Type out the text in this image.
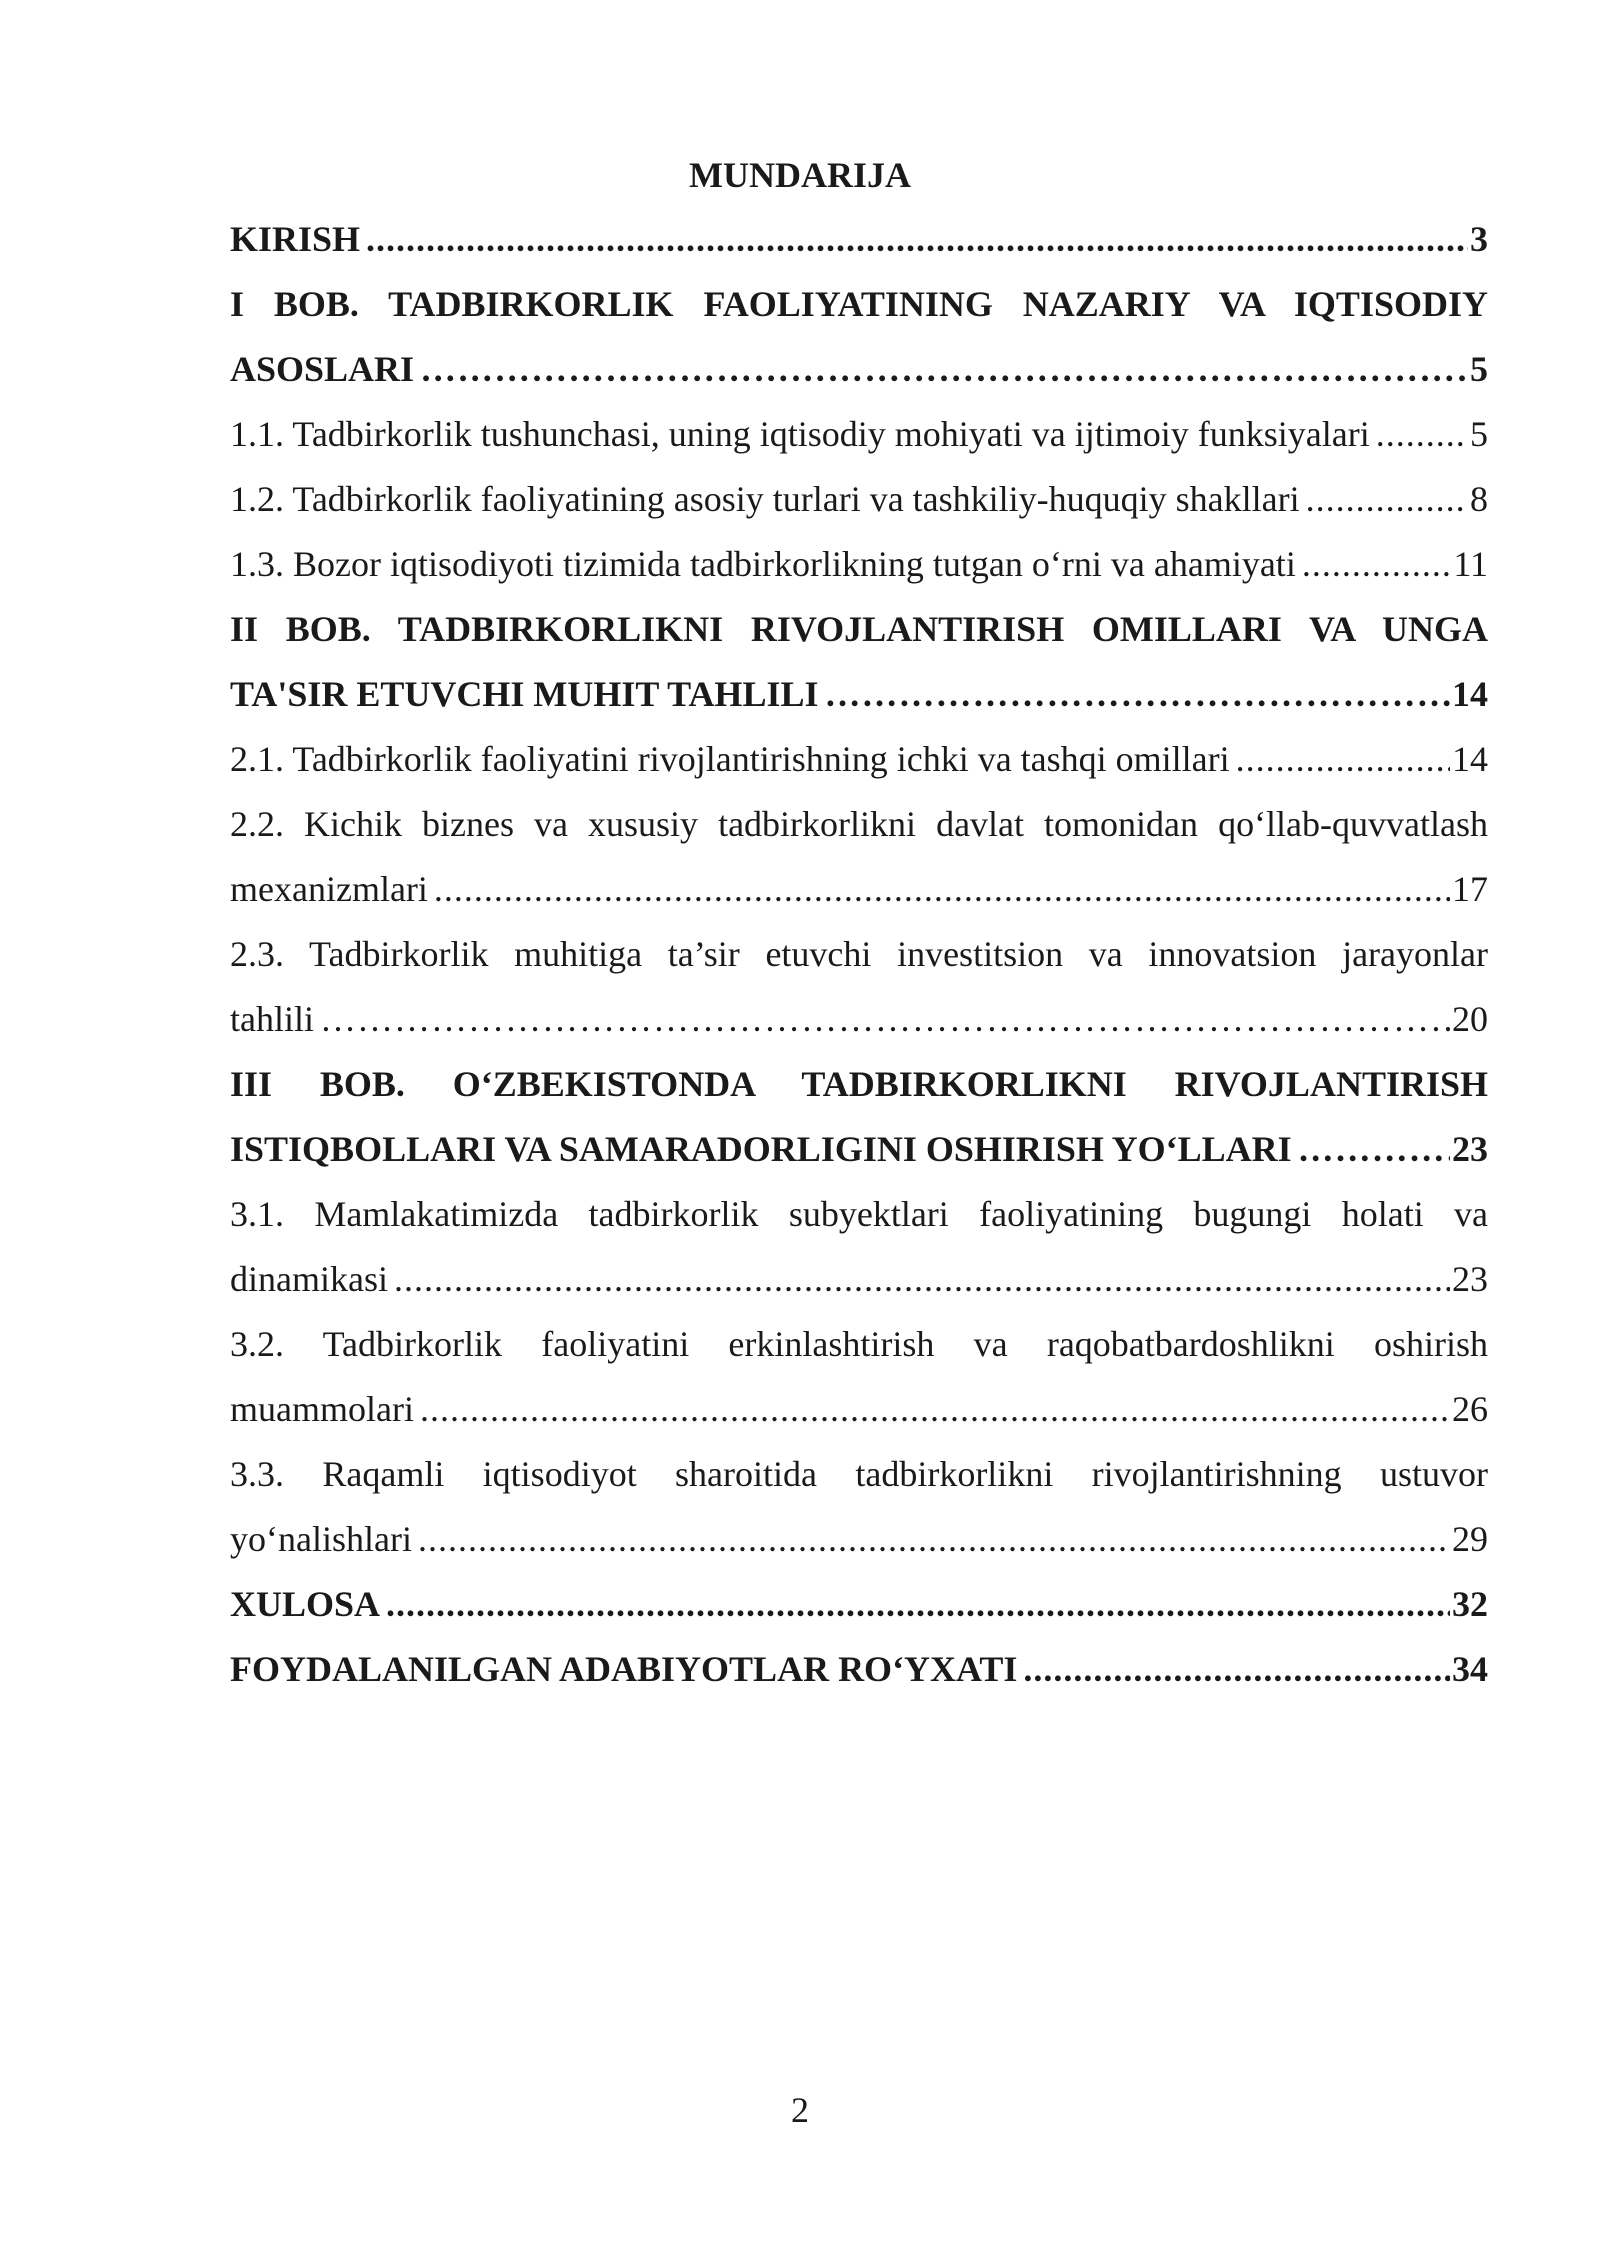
MUNDARIJA
KIRISH .....	3
I BOB. TADBIRKORLIK FAOLIYATINING NAZARIY VA IQTISODIY
ASOSLARI ……………………………………………………………………………………………………………………………………………………………………	5
1.1. Tadbirkorlik tushunchasi, uning iqtisodiy mohiyati va ijtimoiy funksiyalari .....	5
1.2. Tadbirkorlik faoliyatining asosiy turlari va tashkiliy-huquqiy shakllari .....	8
1.3. Bozor iqtisodiyoti tizimida tadbirkorlikning tutgan o‘rni va ahamiyati .....	11
II BOB. TADBIRKORLIKNI RIVOJLANTIRISH OMILLARI VA UNGA
TA'SIR ETUVCHI MUHIT TAHLILI ……………………………………………………………………………………………………………………………………………………………………	14
2.1. Tadbirkorlik faoliyatini rivojlantirishning ichki va tashqi omillari .....	14
2.2. Kichik biznes va xususiy tadbirkorlikni davlat tomonidan qo‘llab-quvvatlash
mexanizmlari .....	17
2.3. Tadbirkorlik muhitiga ta’sir etuvchi investitsion va innovatsion jarayonlar
tahlili ……………………………………………………………………………………………………………………………………………………………………	20
III BOB. O‘ZBEKISTONDA TADBIRKORLIKNI RIVOJLANTIRISH
ISTIQBOLLARI VA SAMARADORLIGINI OSHIRISH YO‘LLARI ……………………………………………………………………………………………………………………………………………………………………	23
3.1. Mamlakatimizda tadbirkorlik subyektlari faoliyatining bugungi holati va
dinamikasi .....	23
3.2. Tadbirkorlik faoliyatini erkinlashtirish va raqobatbardoshlikni oshirish
muammolari .....	26
3.3. Raqamli iqtisodiyot sharoitida tadbirkorlikni rivojlantirishning ustuvor
yo‘nalishlari .....	29
XULOSA .....	32
FOYDALANILGAN ADABIYOTLAR RO‘YXATI .....	34
2
